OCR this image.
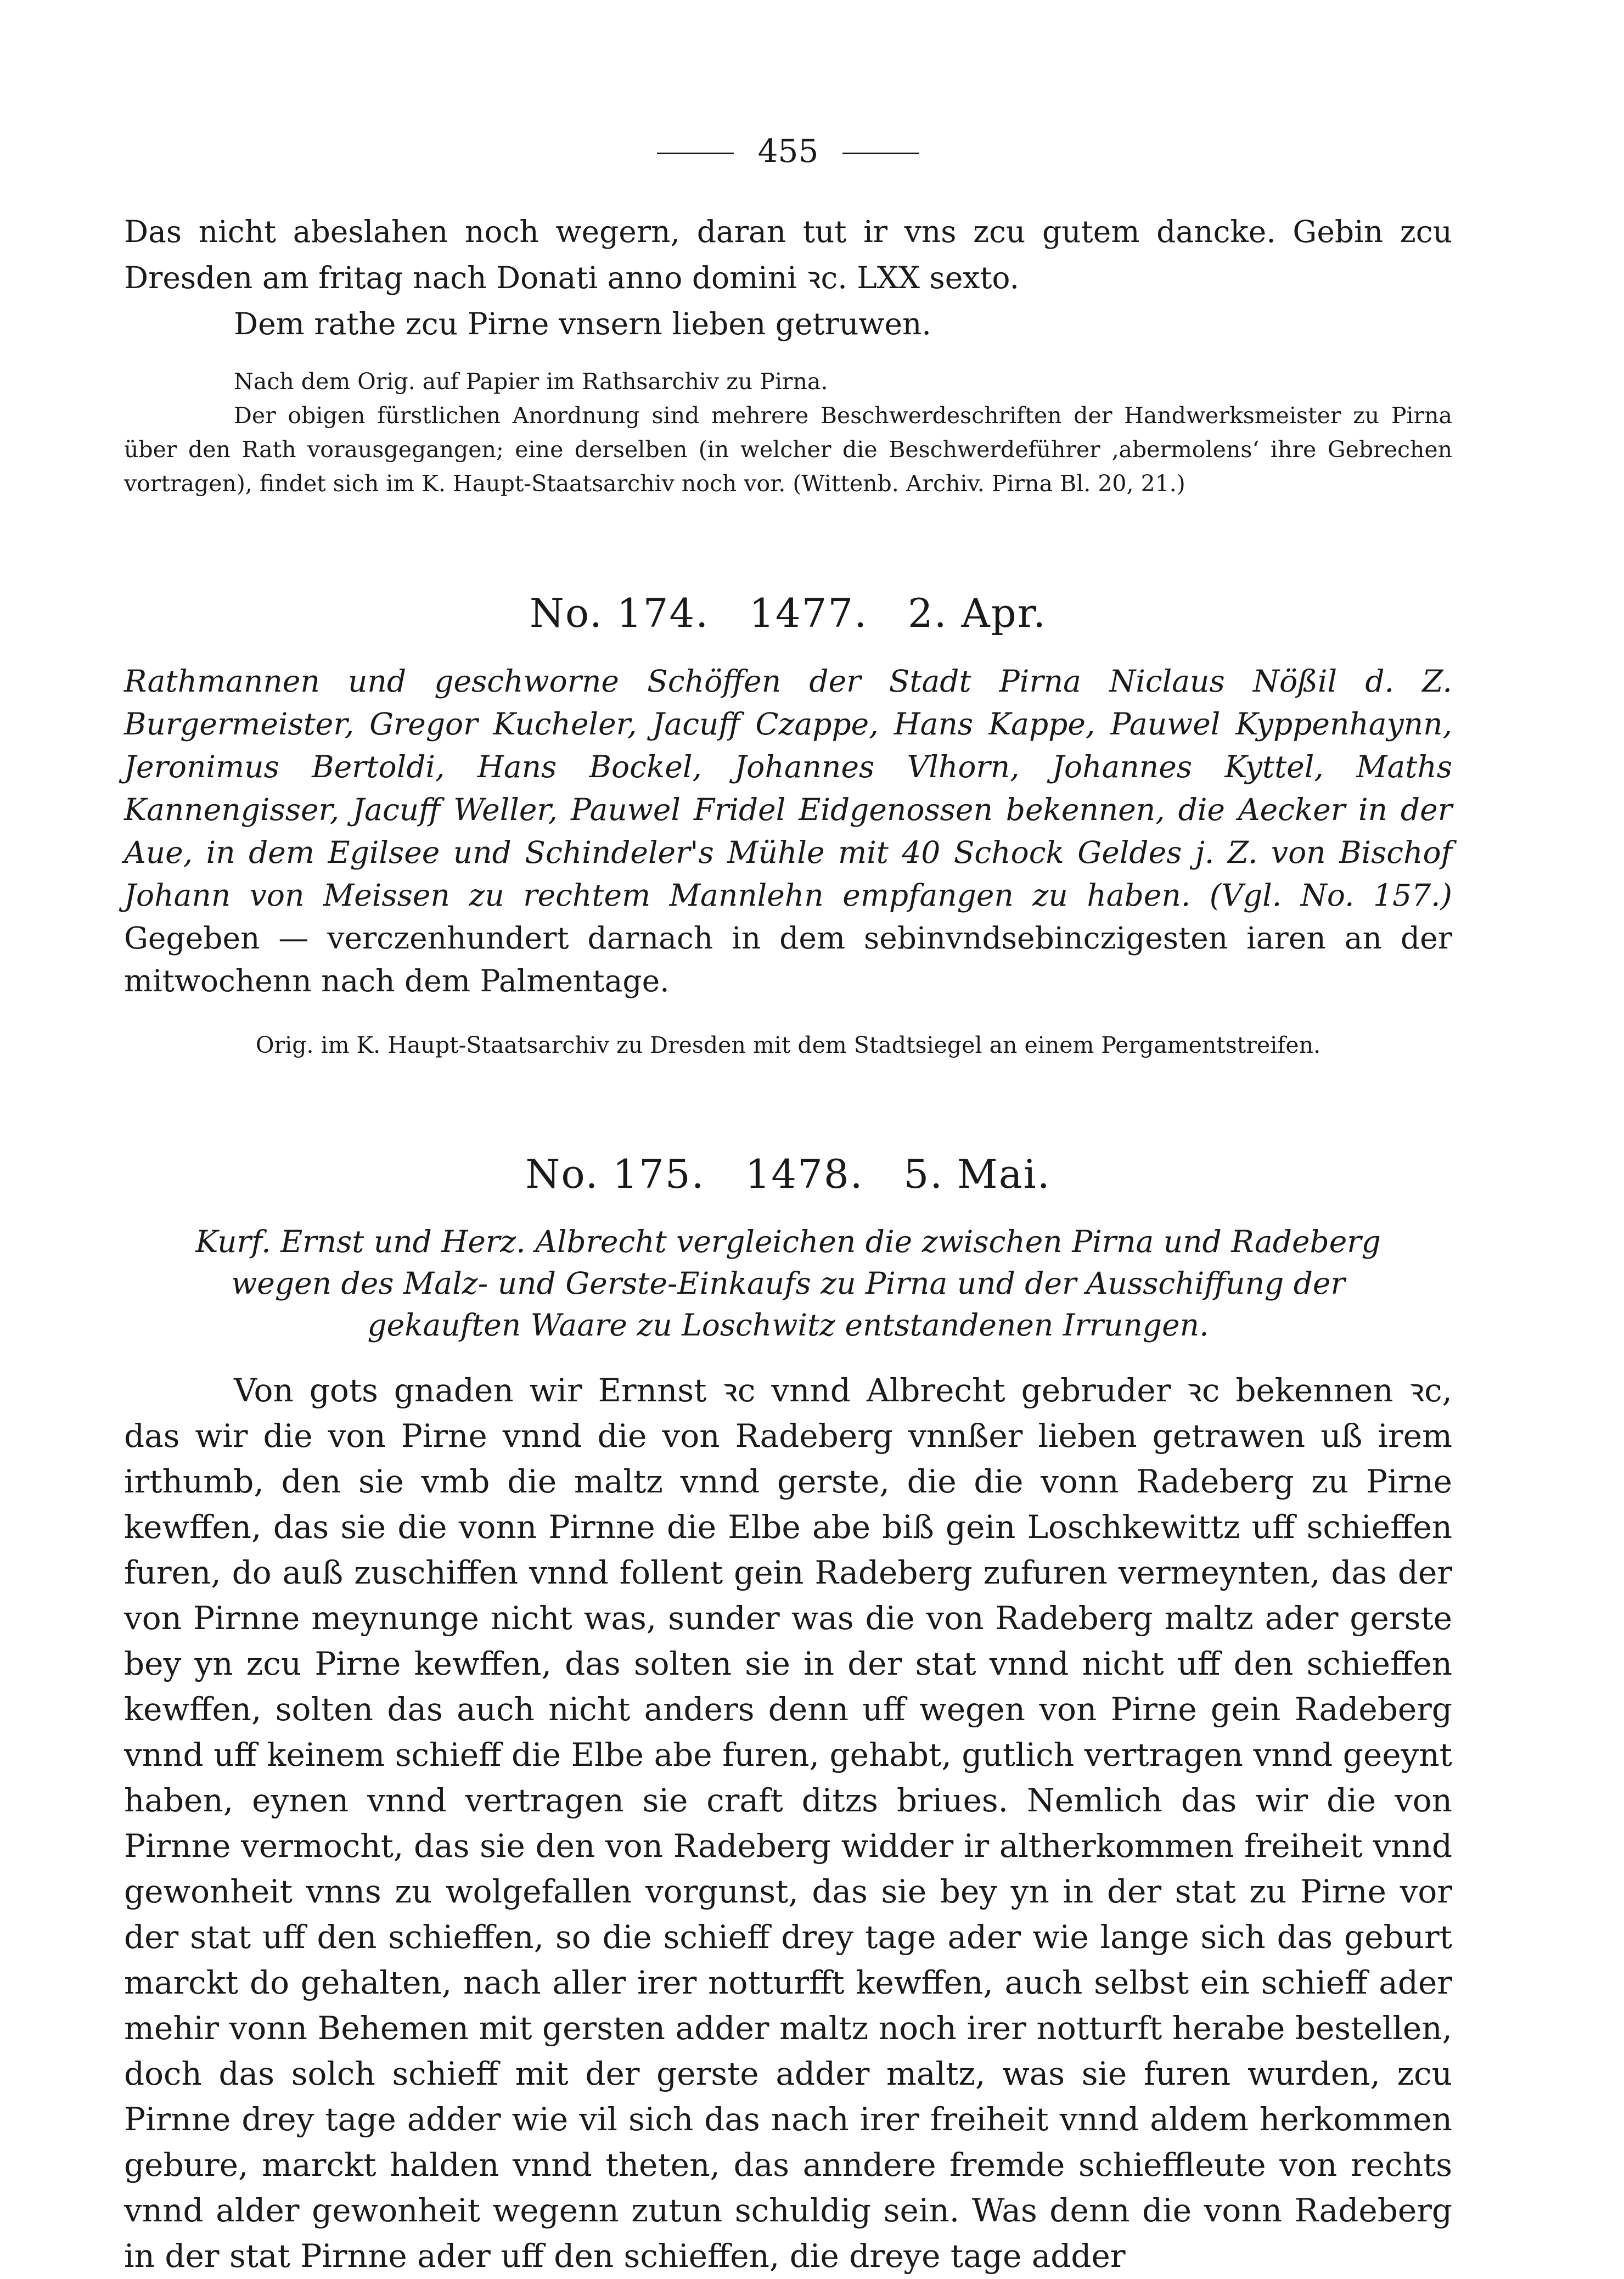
455

Das nicht abeslahen noch wegern, daran tut ir vns zcu gutem dancke. Gebin zcu Dresden am fritag nach Donati anno domini ꝛc. LXX sexto.

Dem rathe zcu Pirne vnsern lieben getruwen.

Nach dem Orig. auf Papier im Rathsarchiv zu Pirna.

Der obigen fürstlichen Anordnung sind mehrere Beschwerdeschriften der Handwerksmeister zu Pirna über den Rath vorausgegangen; eine derselben (in welcher die Beschwerdeführer ‚abermolens‘ ihre Gebrechen vortragen), findet sich im K. Haupt-Staatsarchiv noch vor. (Wittenb. Archiv. Pirna Bl. 20, 21.)

No. 174. 1477. 2. Apr.

Rathmannen und geschworne Schöffen der Stadt Pirna Niclaus Nößil d. Z. Burgermeister, Gregor Kucheler, Jacuff Czappe, Hans Kappe, Pauwel Kyppenhaynn, Jeronimus Bertoldi, Hans Bockel, Johannes Vlhorn, Johannes Kyttel, Maths Kannengisser, Jacuff Weller, Pauwel Fridel Eidgenossen bekennen, die Aecker in der Aue, in dem Egilsee und Schindeler's Mühle mit 40 Schock Geldes j. Z. von Bischof Johann von Meissen zu rechtem Mannlehn empfangen zu haben. (Vgl. No. 157.) Gegeben — verczenhundert darnach in dem sebinvndsebinczigesten iaren an der mitwochenn nach dem Palmentage.

Orig. im K. Haupt-Staatsarchiv zu Dresden mit dem Stadtsiegel an einem Pergamentstreifen.

No. 175. 1478. 5. Mai.

Kurf. Ernst und Herz. Albrecht vergleichen die zwischen Pirna und Radeberg wegen des Malz- und Gerste-Einkaufs zu Pirna und der Ausschiffung der gekauften Waare zu Loschwitz entstandenen Irrungen.

Von gots gnaden wir Ernnst ꝛc vnnd Albrecht gebruder ꝛc bekennen ꝛc, das wir die von Pirne vnnd die von Radeberg vnnßer lieben getrawen uß irem irthumb, den sie vmb die maltz vnnd gerste, die die vonn Radeberg zu Pirne kewffen, das sie die vonn Pirnne die Elbe abe biß gein Loschkewittz uff schieffen furen, do auß zuschiffen vnnd follent gein Radeberg zufuren vermeynten, das der von Pirnne meynunge nicht was, sunder was die von Radeberg maltz ader gerste bey yn zcu Pirne kewffen, das solten sie in der stat vnnd nicht uff den schieffen kewffen, solten das auch nicht anders denn uff wegen von Pirne gein Radeberg vnnd uff keinem schieff die Elbe abe furen, gehabt, gutlich vertragen vnnd geeynt haben, eynen vnnd vertragen sie craft ditzs briues. Nemlich das wir die von Pirnne vermocht, das sie den von Radeberg widder ir altherkommen freiheit vnnd gewonheit vnns zu wolgefallen vorgunst, das sie bey yn in der stat zu Pirne vor der stat uff den schieffen, so die schieff drey tage ader wie lange sich das geburt marckt do gehalten, nach aller irer notturfft kewffen, auch selbst ein schieff ader mehir vonn Behemen mit gersten adder maltz noch irer notturft herabe bestellen, doch das solch schieff mit der gerste adder maltz, was sie furen wurden, zcu Pirnne drey tage adder wie vil sich das nach irer freiheit vnnd aldem herkommen gebure, marckt halden vnnd theten, das anndere fremde schieffleute von rechts vnnd alder gewonheit wegenn zutun schuldig sein. Was denn die vonn Radeberg in der stat Pirnne ader uff den schieffen, die dreye tage adder
